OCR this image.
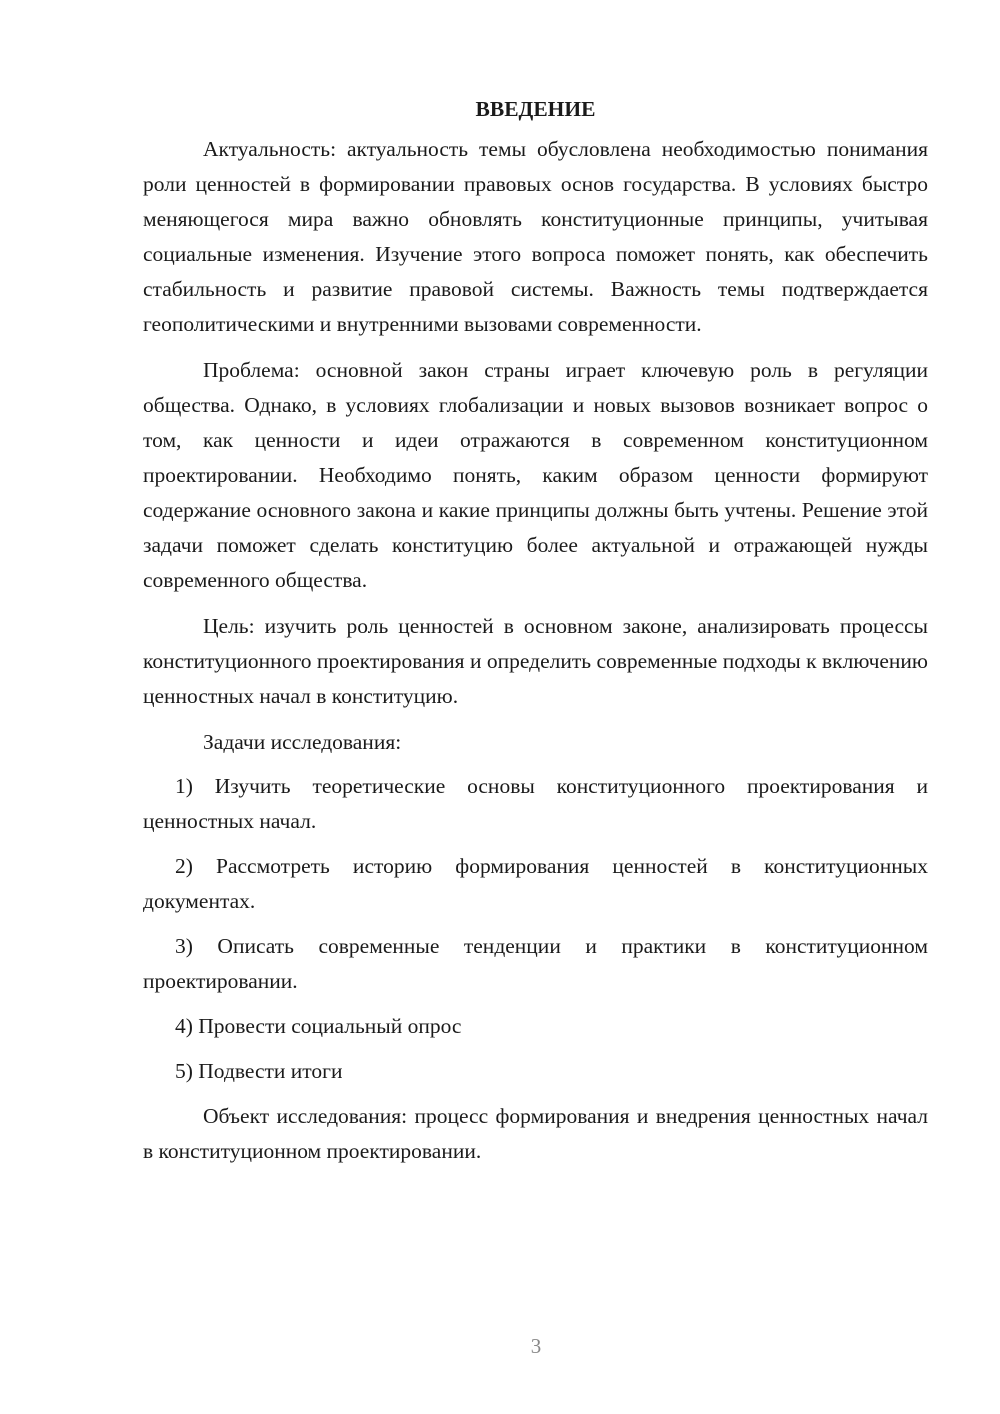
ВВЕДЕНИЕ

Актуальность: актуальность темы обусловлена необходимостью понимания роли ценностей в формировании правовых основ государства. В условиях быстро меняющегося мира важно обновлять конституционные принципы, учитывая социальные изменения. Изучение этого вопроса поможет понять, как обеспечить стабильность и развитие правовой системы. Важность темы подтверждается геополитическими и внутренними вызовами современности.

Проблема: основной закон страны играет ключевую роль в регуляции общества. Однако, в условиях глобализации и новых вызовов возникает вопрос о том, как ценности и идеи отражаются в современном конституционном проектировании. Необходимо понять, каким образом ценности формируют содержание основного закона и какие принципы должны быть учтены. Решение этой задачи поможет сделать конституцию более актуальной и отражающей нужды современного общества.

Цель: изучить роль ценностей в основном законе, анализировать процессы конституционного проектирования и определить современные подходы к включению ценностных начал в конституцию.

Задачи исследования:

1) Изучить теоретические основы конституционного проектирования и ценностных начал.

2) Рассмотреть историю формирования ценностей в конституционных документах.

3) Описать современные тенденции и практики в конституционном проектировании.

4) Провести социальный опрос

5) Подвести итоги

Объект исследования: процесс формирования и внедрения ценностных начал в конституционном проектировании.

3
